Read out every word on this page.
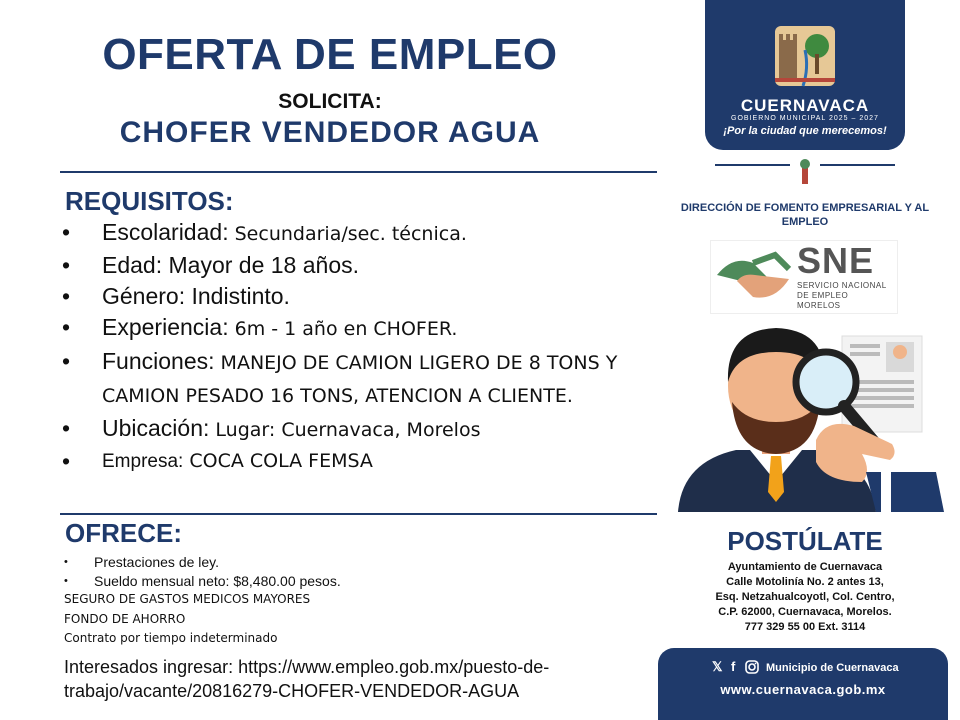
OFERTA DE EMPLEO
SOLICITA:
CHOFER VENDEDOR AGUA
REQUISITOS:
• Escolaridad: Secundaria/sec. técnica.
• Edad: Mayor de 18 años.
• Género: Indistinto.
• Experiencia: 6m - 1 año en CHOFER.
• Funciones: MANEJO DE CAMION LIGERO DE 8 TONS Y CAMION PESADO 16 TONS, ATENCION A CLIENTE.
• Ubicación: Lugar: Cuernavaca, Morelos
• Empresa: COCA COLA FEMSA
OFRECE:
• Prestaciones de ley.
• Sueldo mensual neto: $8,480.00 pesos.
SEGURO DE GASTOS MEDICOS MAYORES
FONDO DE AHORRO
Contrato por tiempo indeterminado
Interesados ingresar: https://www.empleo.gob.mx/puesto-de-trabajo/vacante/20816279-CHOFER-VENDEDOR-AGUA
CUERNAVACA
GOBIERNO MUNICIPAL 2025 – 2027
¡Por la ciudad que merecemos!
DIRECCIÓN DE FOMENTO EMPRESARIAL Y AL EMPLEO
SNE
SERVICIO NACIONAL
DE EMPLEO
MORELOS
POSTÚLATE
Ayuntamiento de Cuernavaca
Calle Motolinía No. 2 antes 13,
Esq. Netzahualcoyotl, Col. Centro,
C.P. 62000, Cuernavaca, Morelos.
777 329 55 00 Ext. 3114
𝕏 f	Municipio de Cuernavaca
www.cuernavaca.gob.mx
